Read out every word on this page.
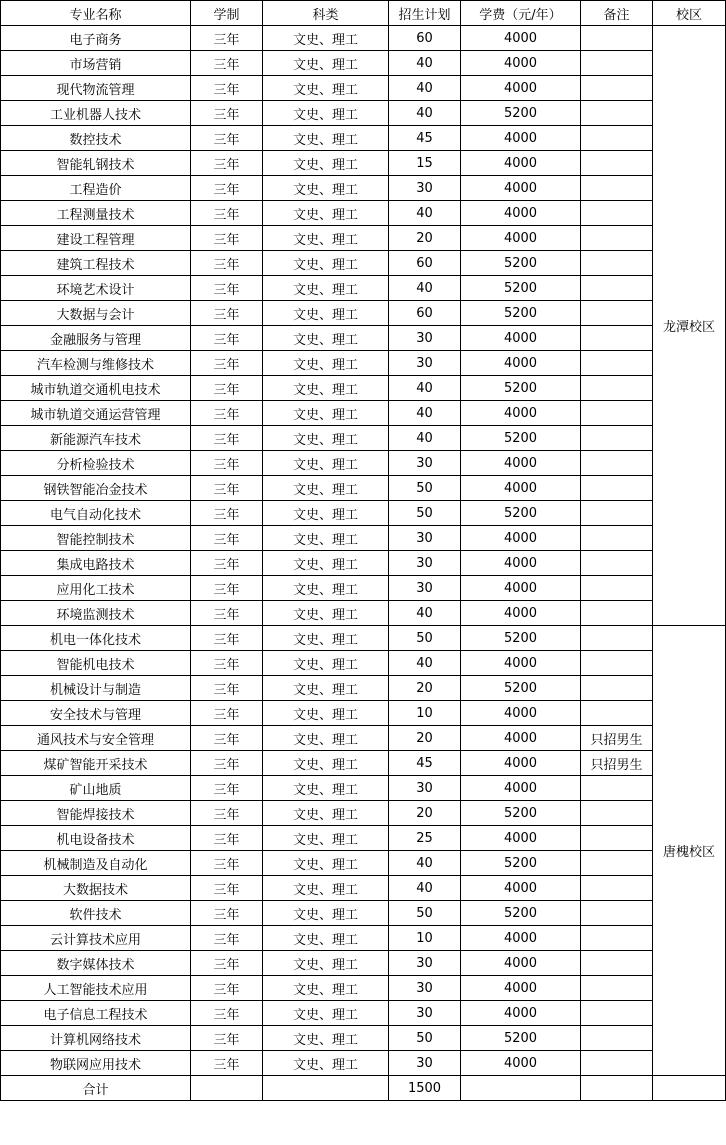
专业名称	学制	科类	招生计划	学费（元/年）	备注	校区
电子商务	三年	文史、理工	60	4000		龙潭校区
市场营销	三年	文史、理工	40	4000		
现代物流管理	三年	文史、理工	40	4000		
工业机器人技术	三年	文史、理工	40	5200		
数控技术	三年	文史、理工	45	4000		
智能轧钢技术	三年	文史、理工	15	4000		
工程造价	三年	文史、理工	30	4000		
工程测量技术	三年	文史、理工	40	4000		
建设工程管理	三年	文史、理工	20	4000		
建筑工程技术	三年	文史、理工	60	5200		
环境艺术设计	三年	文史、理工	40	5200		
大数据与会计	三年	文史、理工	60	5200		
金融服务与管理	三年	文史、理工	30	4000		
汽车检测与维修技术	三年	文史、理工	30	4000		
城市轨道交通机电技术	三年	文史、理工	40	5200		
城市轨道交通运营管理	三年	文史、理工	40	4000		
新能源汽车技术	三年	文史、理工	40	5200		
分析检验技术	三年	文史、理工	30	4000		
钢铁智能冶金技术	三年	文史、理工	50	4000		
电气自动化技术	三年	文史、理工	50	5200		
智能控制技术	三年	文史、理工	30	4000		
集成电路技术	三年	文史、理工	30	4000		
应用化工技术	三年	文史、理工	30	4000		
环境监测技术	三年	文史、理工	40	4000		
机电一体化技术	三年	文史、理工	50	5200		唐槐校区
智能机电技术	三年	文史、理工	40	4000		
机械设计与制造	三年	文史、理工	20	5200		
安全技术与管理	三年	文史、理工	10	4000		
通风技术与安全管理	三年	文史、理工	20	4000	只招男生	
煤矿智能开采技术	三年	文史、理工	45	4000	只招男生	
矿山地质	三年	文史、理工	30	4000		
智能焊接技术	三年	文史、理工	20	5200		
机电设备技术	三年	文史、理工	25	4000		
机械制造及自动化	三年	文史、理工	40	5200		
大数据技术	三年	文史、理工	40	4000		
软件技术	三年	文史、理工	50	5200		
云计算技术应用	三年	文史、理工	10	4000		
数字媒体技术	三年	文史、理工	30	4000		
人工智能技术应用	三年	文史、理工	30	4000		
电子信息工程技术	三年	文史、理工	30	4000		
计算机网络技术	三年	文史、理工	50	5200		
物联网应用技术	三年	文史、理工	30	4000		
合计			1500			
